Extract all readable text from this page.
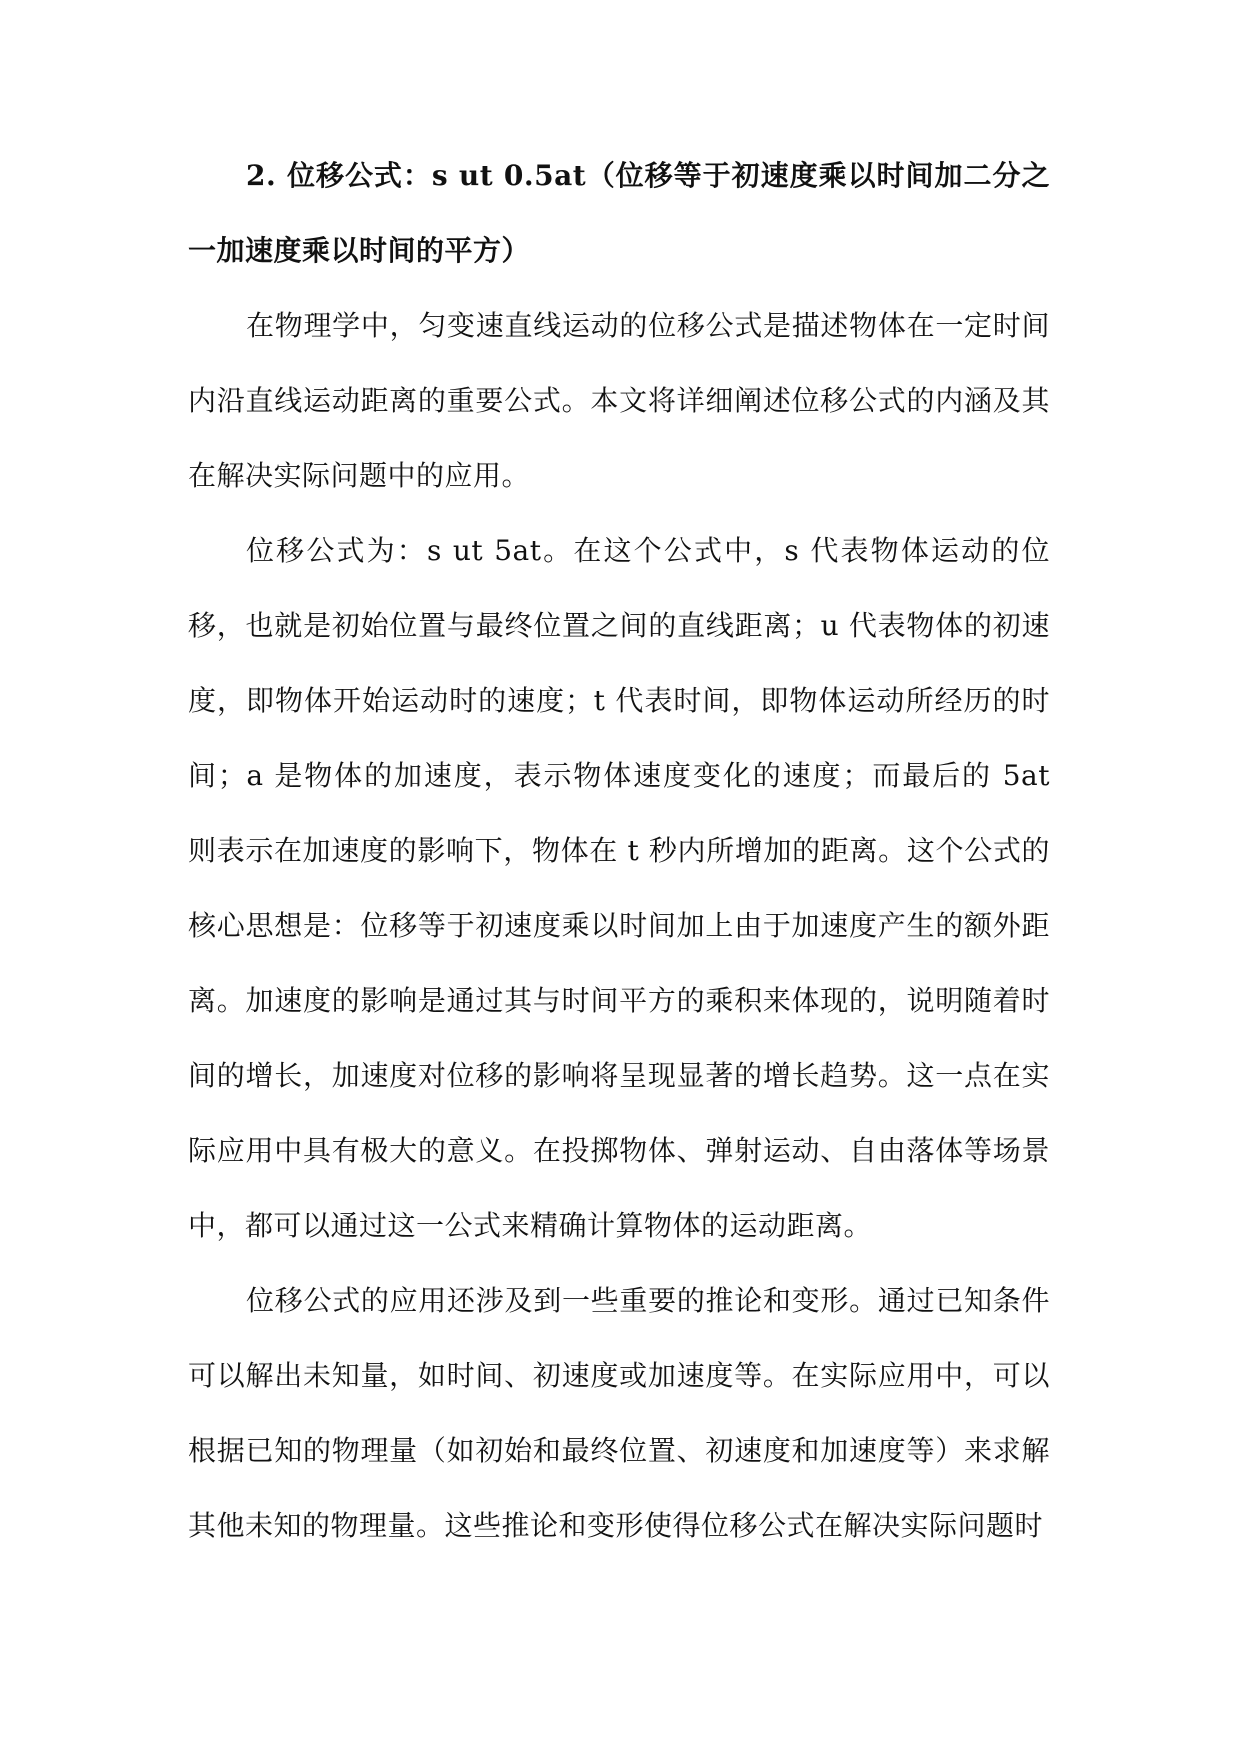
2. 位移公式：s ut 0.5at（位移等于初速度乘以时间加二分之一加速度乘以时间的平方）

在物理学中，匀变速直线运动的位移公式是描述物体在一定时间内沿直线运动距离的重要公式。本文将详细阐述位移公式的内涵及其在解决实际问题中的应用。

位移公式为：s ut 5at。在这个公式中，s 代表物体运动的位移，也就是初始位置与最终位置之间的直线距离；u 代表物体的初速度，即物体开始运动时的速度；t 代表时间，即物体运动所经历的时间；a 是物体的加速度，表示物体速度变化的速度；而最后的 5at 则表示在加速度的影响下，物体在 t 秒内所增加的距离。这个公式的核心思想是：位移等于初速度乘以时间加上由于加速度产生的额外距离。加速度的影响是通过其与时间平方的乘积来体现的，说明随着时间的增长，加速度对位移的影响将呈现显著的增长趋势。这一点在实际应用中具有极大的意义。在投掷物体、弹射运动、自由落体等场景中，都可以通过这一公式来精确计算物体的运动距离。

位移公式的应用还涉及到一些重要的推论和变形。通过已知条件可以解出未知量，如时间、初速度或加速度等。在实际应用中，可以根据已知的物理量（如初始和最终位置、初速度和加速度等）来求解其他未知的物理量。这些推论和变形使得位移公式在解决实际问题时
